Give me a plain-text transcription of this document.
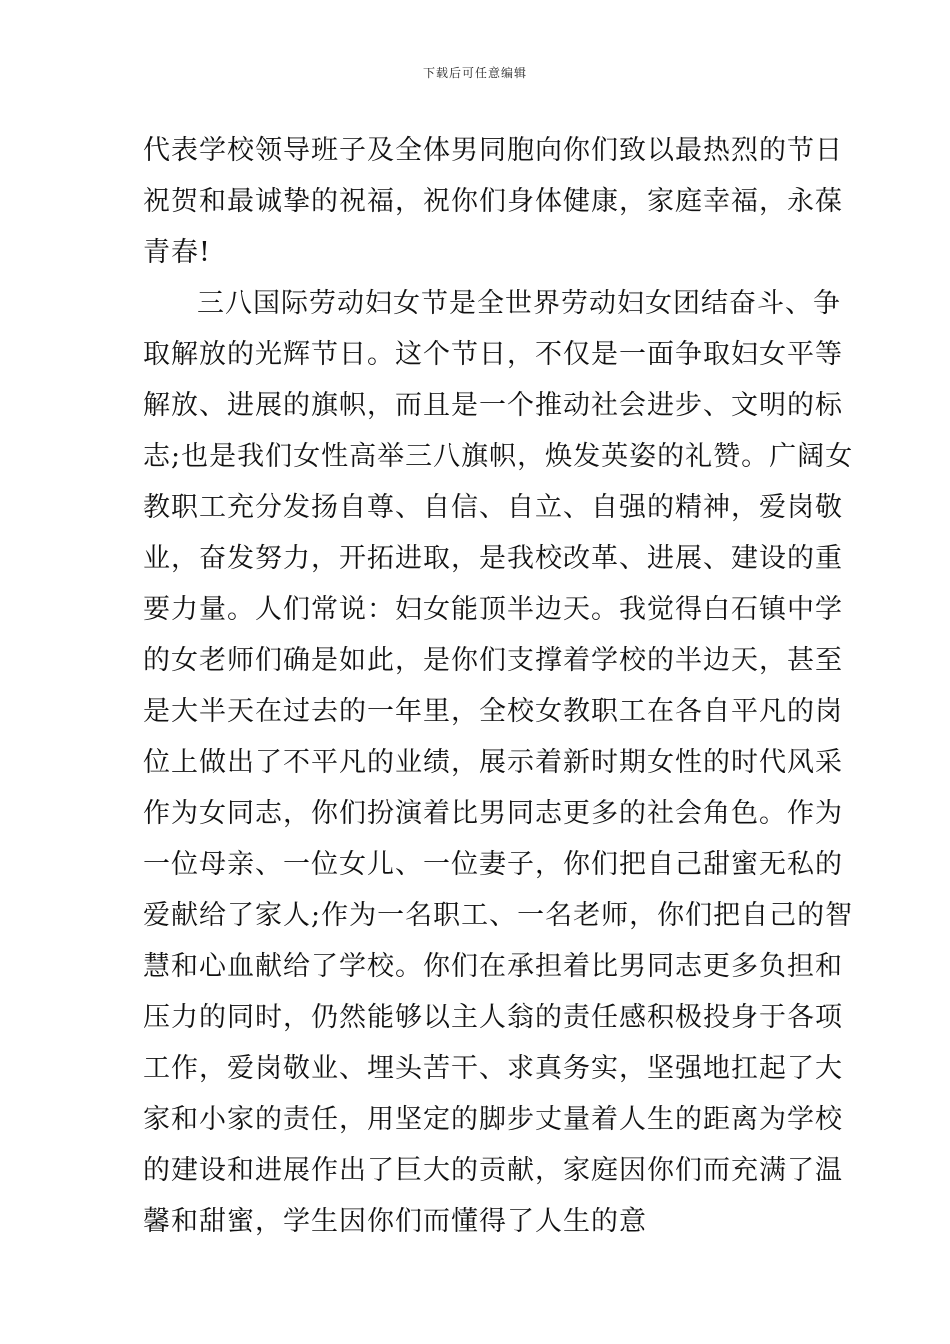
下载后可任意编辑
代表学校领导班子及全体男同胞向你们致以最热烈的节日
祝贺和最诚挚的祝福，祝你们身体健康，家庭幸福，永葆
青春!
三八国际劳动妇女节是全世界劳动妇女团结奋斗、争
取解放的光辉节日。这个节日，不仅是一面争取妇女平等
解放、进展的旗帜，而且是一个推动社会进步、文明的标
志;也是我们女性高举三八旗帜，焕发英姿的礼赞。广阔女
教职工充分发扬自尊、自信、自立、自强的精神，爱岗敬
业，奋发努力，开拓进取，是我校改革、进展、建设的重
要力量。人们常说：妇女能顶半边天。我觉得白石镇中学
的女老师们确是如此，是你们支撑着学校的半边天，甚至
是大半天在过去的一年里，全校女教职工在各自平凡的岗
位上做出了不平凡的业绩，展示着新时期女性的时代风采
作为女同志，你们扮演着比男同志更多的社会角色。作为
一位母亲、一位女儿、一位妻子，你们把自己甜蜜无私的
爱献给了家人;作为一名职工、一名老师，你们把自己的智
慧和心血献给了学校。你们在承担着比男同志更多负担和
压力的同时，仍然能够以主人翁的责任感积极投身于各项
工作，爱岗敬业、埋头苦干、求真务实，坚强地扛起了大
家和小家的责任，用坚定的脚步丈量着人生的距离为学校
的建设和进展作出了巨大的贡献，家庭因你们而充满了温
馨和甜蜜，学生因你们而懂得了人生的意
